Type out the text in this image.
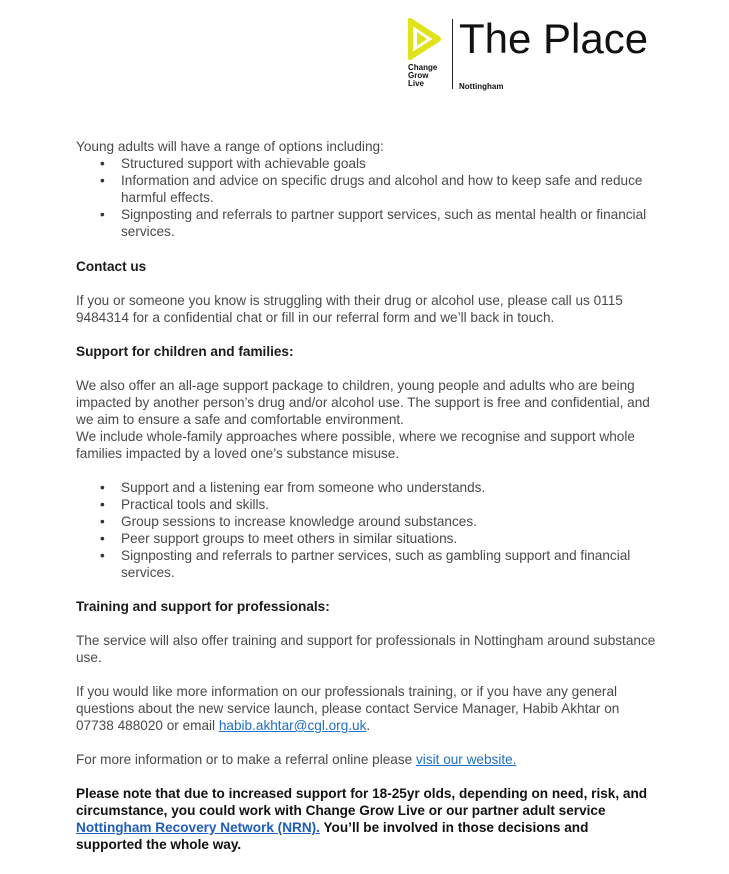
Change
Grow
Live
The Place
Nottingham

Young adults will have a range of options including:

• Structured support with achievable goals
• Information and advice on specific drugs and alcohol and how to keep safe and reduce harmful effects.
• Signposting and referrals to partner support services, such as mental health or financial services.

Contact us

If you or someone you know is struggling with their drug or alcohol use, please call us 0115 9484314 for a confidential chat or fill in our referral form and we’ll back in touch.

Support for children and families:

We also offer an all-age support package to children, young people and adults who are being impacted by another person’s drug and/or alcohol use. The support is free and confidential, and we aim to ensure a safe and comfortable environment.

We include whole-family approaches where possible, where we recognise and support whole families impacted by a loved one’s substance misuse.

• Support and a listening ear from someone who understands.
• Practical tools and skills.
• Group sessions to increase knowledge around substances.
• Peer support groups to meet others in similar situations.
• Signposting and referrals to partner services, such as gambling support and financial services.

Training and support for professionals:

The service will also offer training and support for professionals in Nottingham around substance use.

If you would like more information on our professionals training, or if you have any general questions about the new service launch, please contact Service Manager, Habib Akhtar on 07738 488020 or email habib.akhtar@cgl.org.uk.

For more information or to make a referral online please visit our website.

Please note that due to increased support for 18-25yr olds, depending on need, risk, and circumstance, you could work with Change Grow Live or our partner adult service Nottingham Recovery Network (NRN). You’ll be involved in those decisions and supported the whole way.
